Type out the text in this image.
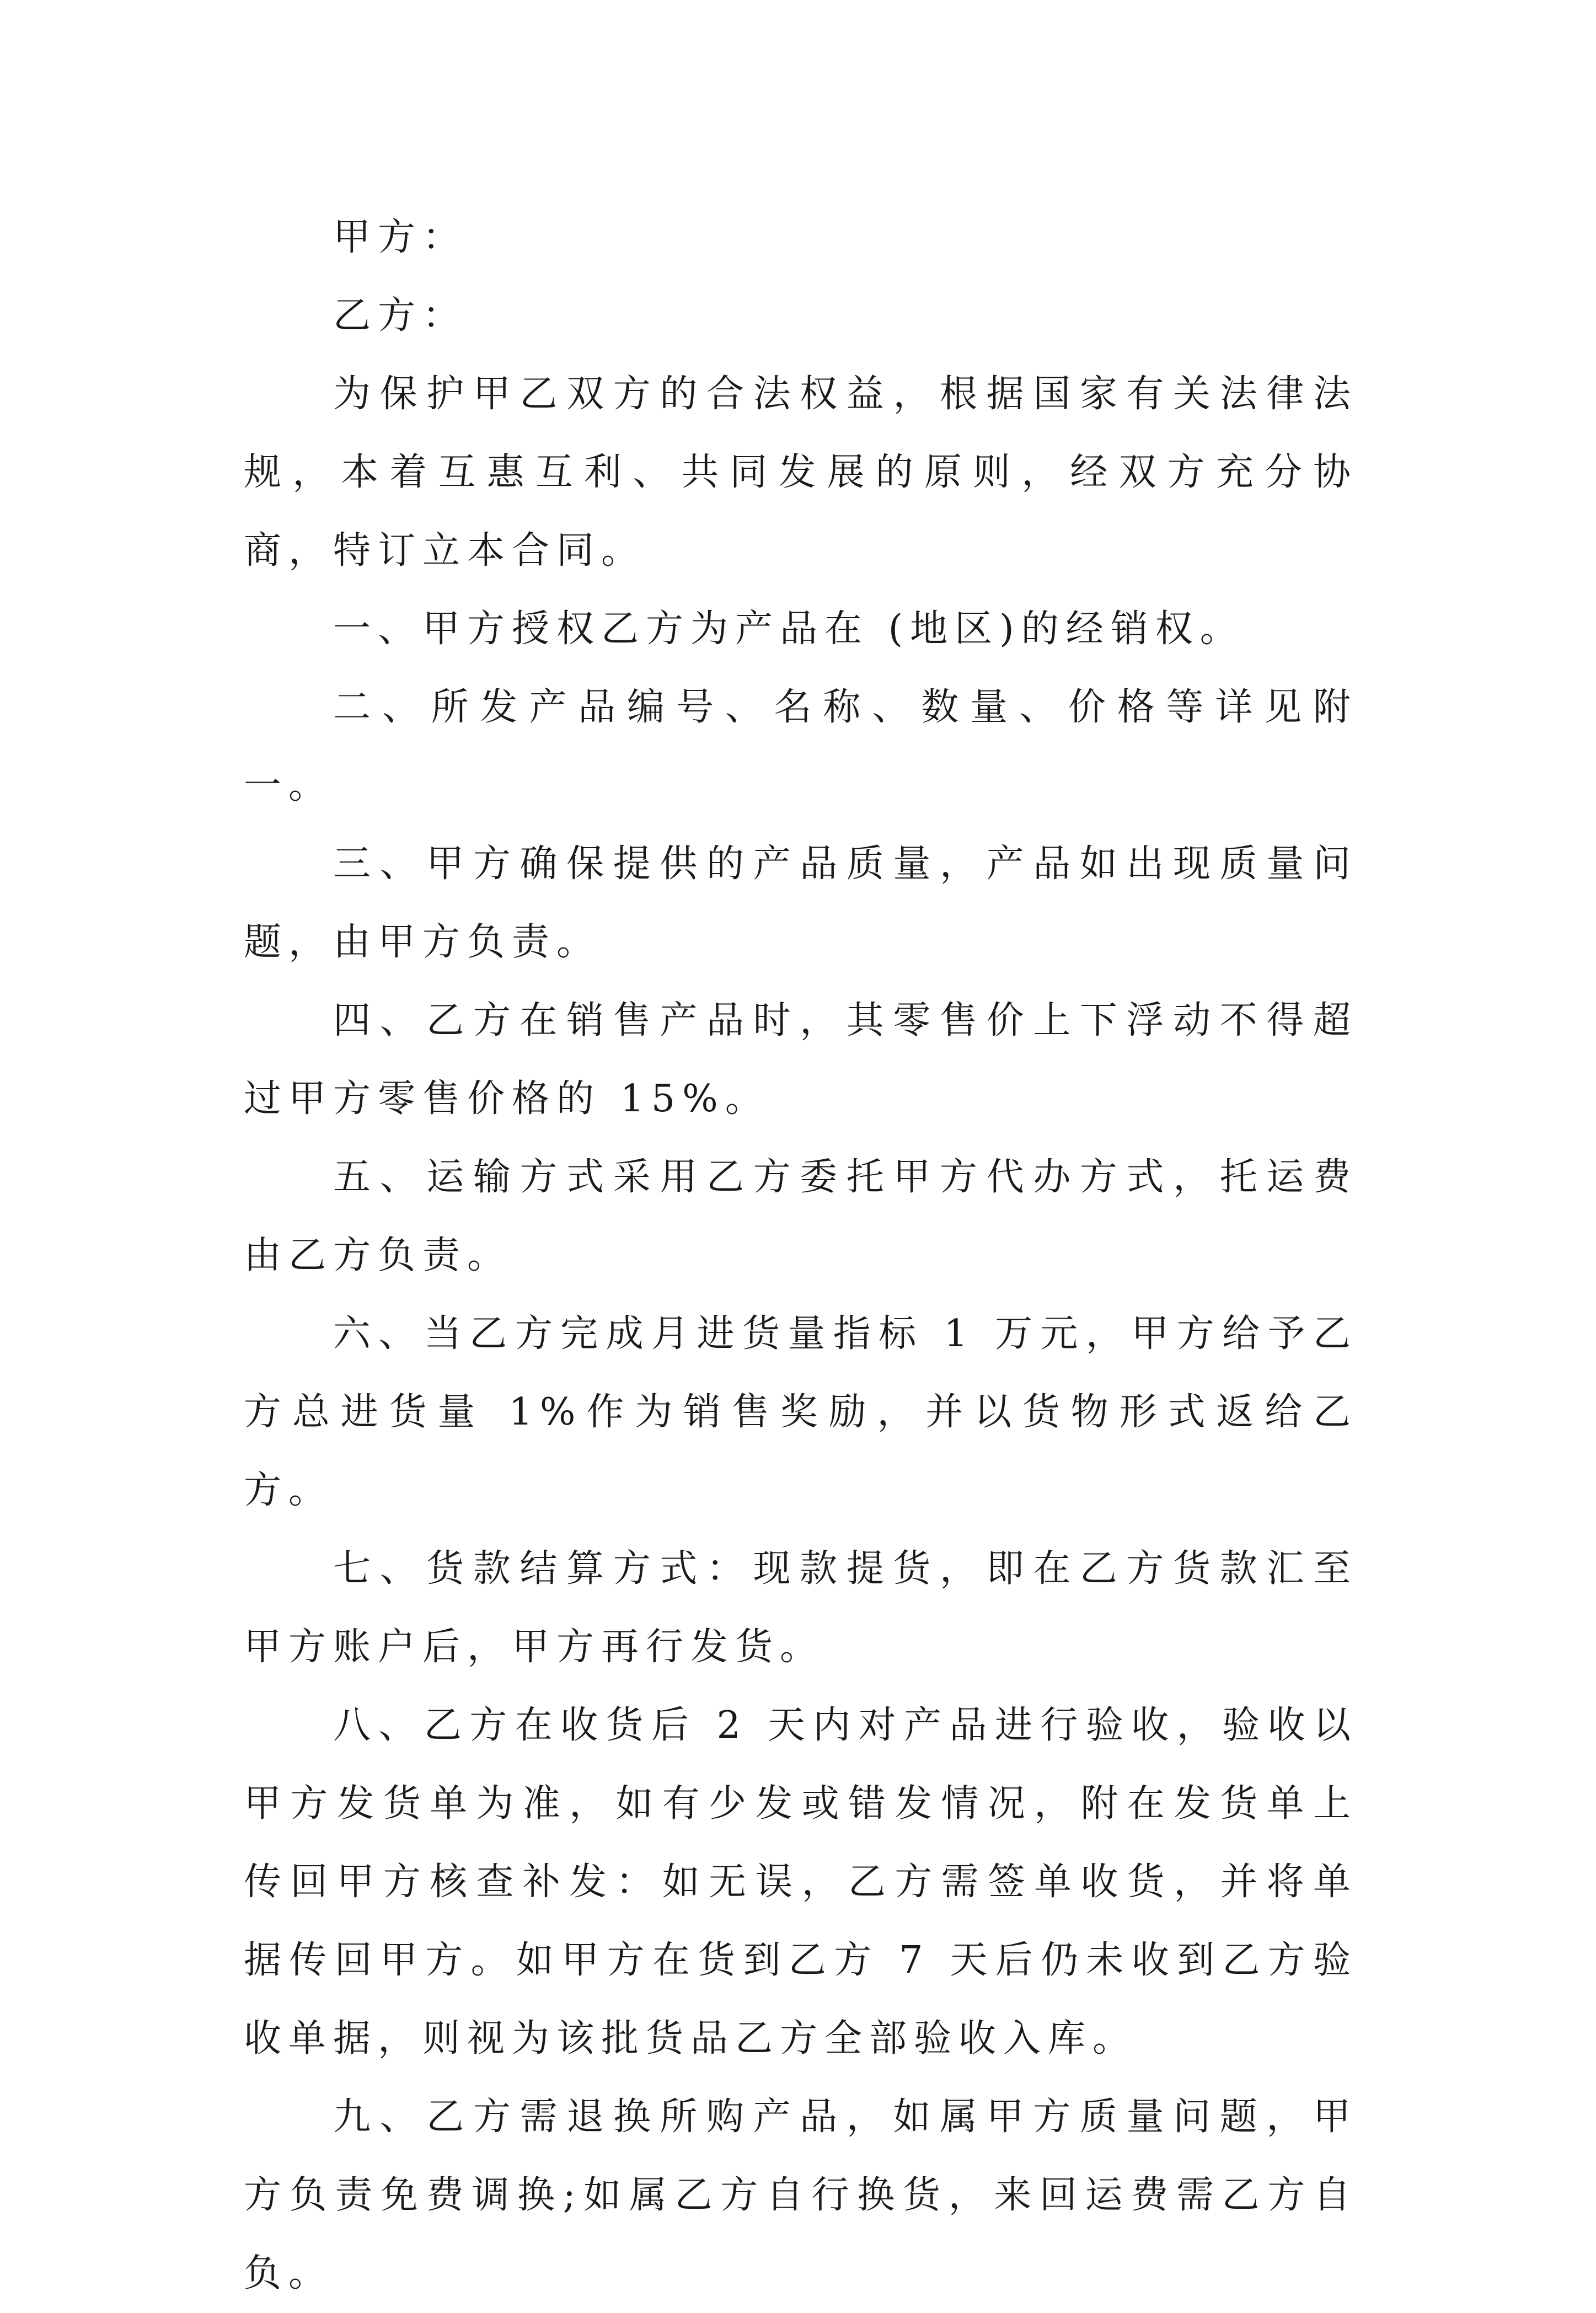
甲方：

乙方：

为保护甲乙双方的合法权益，根据国家有关法律法规，本着互惠互利、共同发展的原则，经双方充分协商，特订立本合同。

一、甲方授权乙方为产品在 (地区)的经销权。

二、所发产品编号、名称、数量、价格等详见附一。

三、甲方确保提供的产品质量，产品如出现质量问题，由甲方负责。

四、乙方在销售产品时，其零售价上下浮动不得超过甲方零售价格的 15%。

五、运输方式采用乙方委托甲方代办方式，托运费由乙方负责。

六、当乙方完成月进货量指标 1 万元，甲方给予乙方总进货量 1%作为销售奖励，并以货物形式返给乙方。

七、货款结算方式：现款提货，即在乙方货款汇至甲方账户后，甲方再行发货。

八、乙方在收货后 2 天内对产品进行验收，验收以甲方发货单为准，如有少发或错发情况，附在发货单上传回甲方核查补发：如无误，乙方需签单收货，并将单据传回甲方。如甲方在货到乙方 7 天后仍未收到乙方验收单据，则视为该批货品乙方全部验收入库。

九、乙方需退换所购产品，如属甲方质量问题，甲方负责免费调换;如属乙方自行换货，来回运费需乙方自负。
